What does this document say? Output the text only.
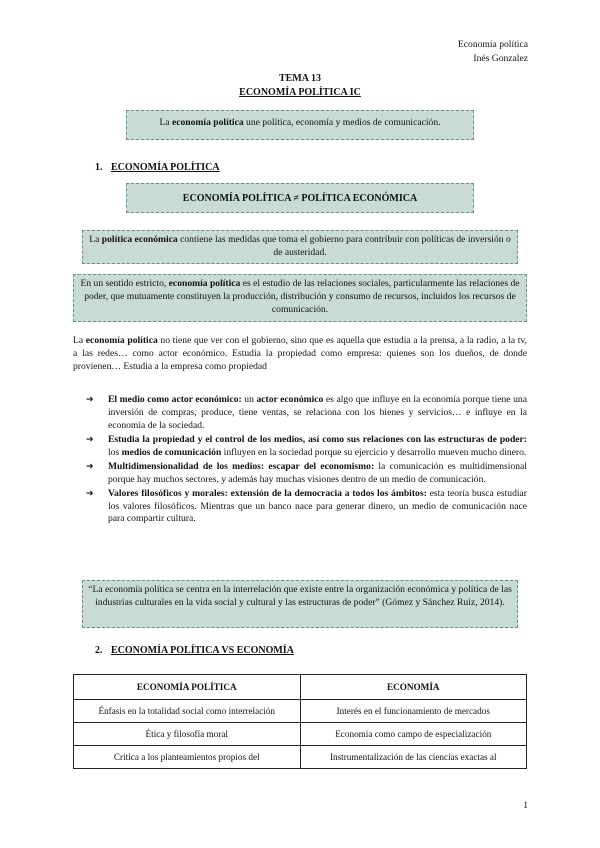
Economía política
Inés Gonzalez
TEMA 13
ECONOMÍA POLÍTICA IC
La economía política une política, economía y medios de comunicación.
1. ECONOMÍA POLÍTICA
ECONOMÍA POLÍTICA ≠ POLÍTICA ECONÓMICA
La política económica contiene las medidas que toma el gobierno para contribuir con políticas de inversión o de austeridad.
En un sentido estricto, economía política es el estudio de las relaciones sociales, particularmente las relaciones de poder, que mutuamente constituyen la producción, distribución y consumo de recursos, incluidos los recursos de comunicación.
La economía política no tiene que ver con el gobierno, sino que es aquella que estudia a la prensa, a la radio, a la tv, a las redes… como actor económico. Estudia la propiedad como empresa: quienes son los dueños, de donde provienen… Estudia a la empresa como propiedad
➔ El medio como actor económico: un actor económico es algo que influye en la economía porque tiene una inversión de compras, produce, tiene ventas, se relaciona con los bienes y servicios… e influye en la economía de la sociedad.
➔ Estudia la propiedad y el control de los medios, así como sus relaciones con las estructuras de poder: los medios de comunicación influyen en la sociedad porque su ejercicio y desarrollo mueven mucho dinero.
➔ Multidimensionalidad de los medios: escapar del economismo: la comunicación es multidimensional porque hay muchos sectores, y además hay muchas visiones dentro de un medio de comunicación.
➔ Valores filosóficos y morales: extensión de la democracia a todos los ámbitos: esta teoría busca estudiar los valores filosóficos. Mientras que un banco nace para generar dinero, un medio de comunicación nace para compartir cultura.
“La economía política se centra en la interrelación que existe entre la organización económica y política de las industrias culturales en la vida social y cultural y las estructuras de poder” (Gómez y Sánchez Ruiz, 2014).
2. ECONOMÍA POLÍTICA VS ECONOMÍA
ECONOMÍA POLÍTICA	ECONOMÍA
Énfasis en la totalidad social como interrelación	Interés en el funcionamiento de mercados
Ética y filosofía moral	Economía como campo de especialización
Crítica a los planteamientos propios del	Instrumentalización de las ciencias exactas al
1
